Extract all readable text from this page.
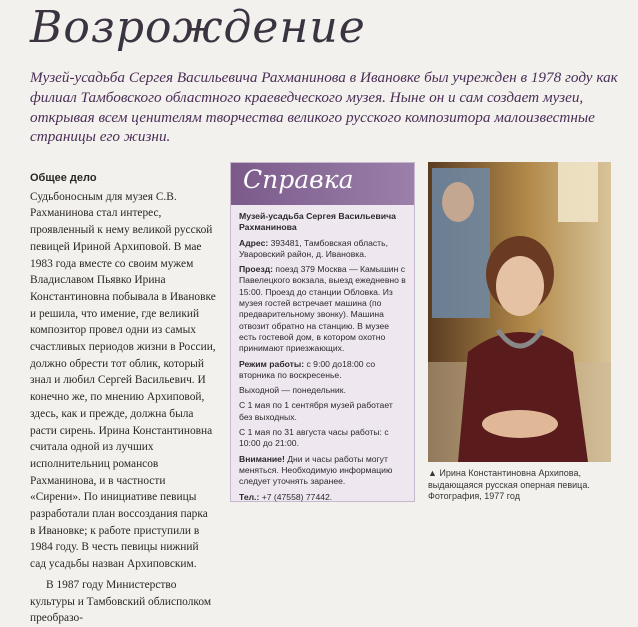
Возрождение
Музей-усадьба Сергея Васильевича Рахманинова в Ивановке был учрежден в 1978 году как филиал Тамбовского областного краеведческого музея. Ныне он и сам создает музеи, открывая всем ценителям творчества великого русского композитора малоизвестные страницы его жизни.
Общее дело

Судьбоносным для музея С.В. Рахманинова стал интерес, проявленный к нему великой русской певицей Ириной Архиповой. В мае 1983 года вместе со своим мужем Владиславом Пьявко Ирина Константиновна побывала в Ивановке и решила, что имение, где великий композитор провел одни из самых счастливых периодов жизни в России, должно обрести тот облик, который знал и любил Сергей Васильевич. И конечно же, по мнению Архиповой, здесь, как и прежде, должна была расти сирень. Ирина Константиновна считала одной из лучших исполнительниц романсов Рахманинова, и в частности «Сирени». По инициативе певицы разработали план воссоздания парка в Ивановке; к работе приступили в 1984 году. В честь певицы нижний сад усадьбы назван Архиповским.

В 1987 году Министерство культуры и Тамбовский облисполком преобразо-

Справка
Музей-усадьба Сергея Васильевича Рахманинова
Адрес: 393481, Тамбовская область, Уваровский район, д. Ивановка.
Проезд: поезд 379 Москва — Камышин с Павелецкого вокзала, выезд ежедневно в 15:00. Проезд до станции Обловка. Из музея гостей встречает машина (по предварительному звонку). Машина отвозит обратно на станцию. В музее есть гостевой дом, в котором охотно принимают приезжающих.
Режим работы: с 9:00 до18:00 со вторника по воскресенье.
Выходной — понедельник.
С 1 мая по 1 сентября музей работает без выходных.
С 1 мая по 31 августа часы работы: с 10:00 до 21:00.
Внимание! Дни и часы работы могут меняться. Необходимую информацию следует уточнять заранее.
Тел.: +7 (47558) 77442.
▲ Ирина Константиновна Архипова, выдающаяся русская оперная певица. Фотография, 1977 год
